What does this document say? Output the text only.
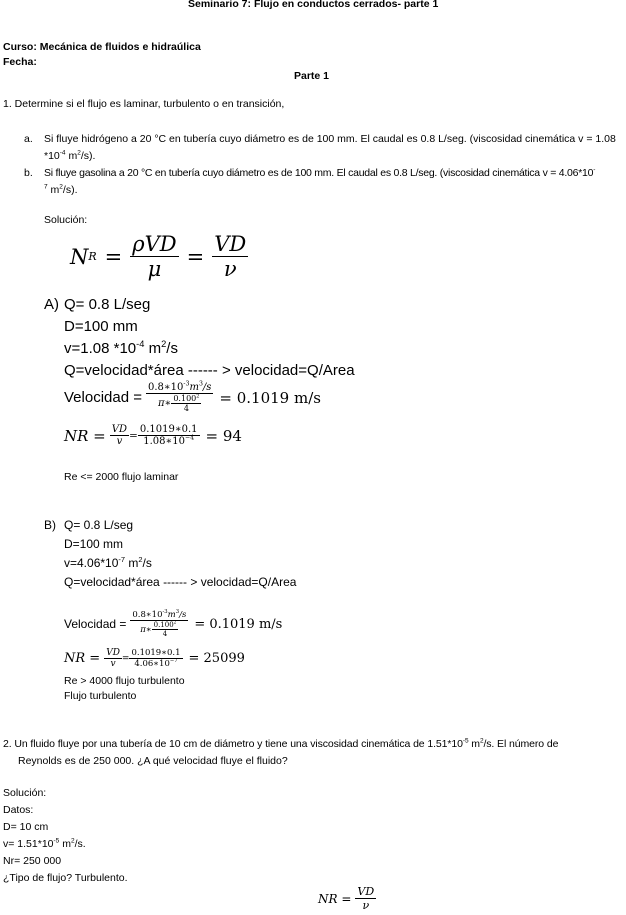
Seminario 7: Flujo en conductos cerrados- parte 1
Curso: Mecánica de fluidos e hidraúlica
Fecha:
Parte 1
1. Determine si el flujo es laminar, turbulento o en transición,
a. Si fluye hidrógeno a 20 °C en tubería cuyo diámetro es de 100 mm. El caudal es 0.8 L/seg. (viscosidad cinemática v = 1.08
$*10^{-4}$ $m^2/s$).
b. Si fluye gasolina a 20 °C en tubería cuyo diámetro es de 100 mm. El caudal es 0.8 L/seg. (viscosidad cinemática v = 4.06*10-
$^7$ $m^2/s$).
Solución:
N $R = \frac{\text{ρVD}}{\mu} = \frac{VD}{\nu}$
A) Q= 0.8 L/seg
D=100 mm
v=1.08 $*10^{-4}$ $m^2/s$
Q=velocidad*área ------ > velocidad=Q/Area
Velocidad = $\frac{0.8∗10^{-3}m^3/s}{\pi∗ \frac{0.100^2}{4}} = 0.1019$ m/s
NR = $\frac{VD}{v} = \frac{0.1019∗0.1}{1.08∗10^{-4}} = 94$
Re <= 2000 flujo laminar
B) Q= 0.8 L/seg
D=100 mm
$v=4.06*10^{-7}$ $m^2/s$
Q=velocidad*área ------ > velocidad=Q/Area
Velocidad = $\frac{0.8∗10^{-3}m^3/s}{\pi∗ \frac{0.100^2}{4}} = 0.1019$ m/s
NR = $\frac{VD}{v} = \frac{0.1019∗0.1}{4.06∗10^{-7}} = 25099$
Re > 4000 flujo turbulento
Flujo turbulento
2. Un fluido fluye por una tubería de 10 cm de diámetro y tiene una viscosidad cinemática de $1.51*10^{-5}$ $m^2/s$. El número de
Reynolds es de 250 000. ¿A qué velocidad fluye el fluido?
Solución:
Datos:
D= 10 cm
$v= 1.51*10^{-5}$ $m^2/s$.
Nr= 250 000
¿Tipo de flujo? Turbulento.
NR = $\frac{VD}{\nu}$
